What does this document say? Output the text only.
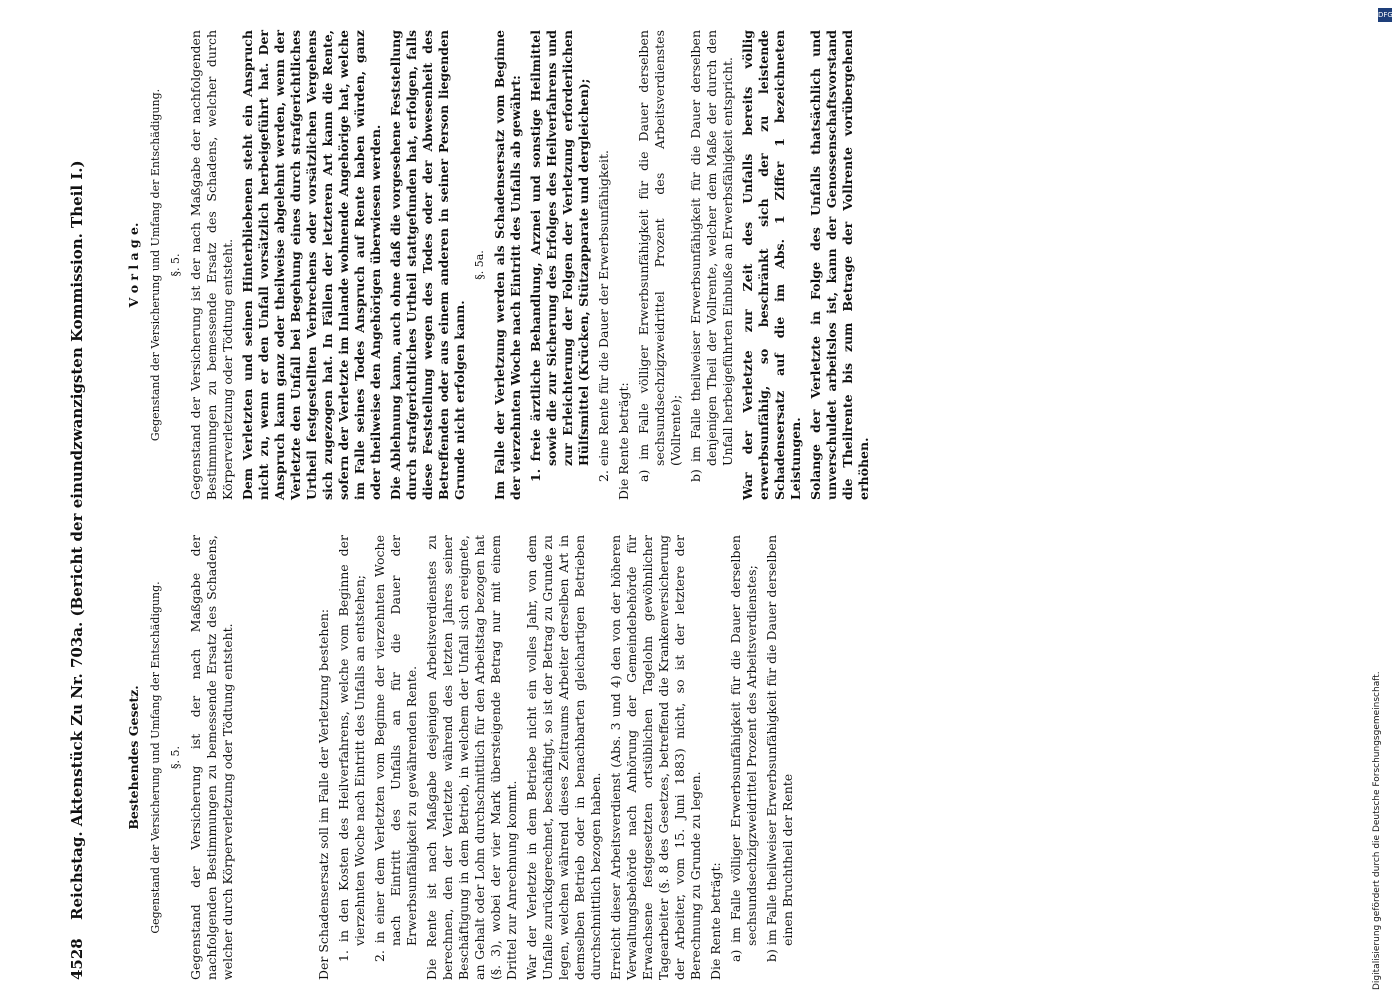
4528
Reichstag. Aktenstück Zu Nr. 703a. (Bericht der einundzwanzigsten Kommission. Theil I.)	Bestehendes Gesetz. Gegenstand der Versicherung und Umfang der Entschädigung. §. 5. Gegenstand der Versicherung ist der nach Maßgabe der nachfolgenden Bestimmungen zu bemessende Ersatz des Schadens, welcher durch Körperverletzung oder Tödtung entsteht.	Der Schadensersatz soll im Falle der Verletzung bestehen: 1. in den Kosten des Heilverfahrens, welche vom Beginne der vierzehnten Woche nach Eintritt des Unfalls an entstehen; 2. in einer dem Verletzten vom Beginne der vierzehnten Woche nach Eintritt des Unfalls an für die Dauer der Erwerbsunfähigkeit zu gewährenden Rente. Die Rente ist nach Maßgabe desjenigen Arbeitsverdienstes zu berechnen, den der Verletzte während des letzten Jahres seiner Beschäftigung in dem Betrieb, in welchem der Unfall sich ereignete, an Gehalt oder Lohn durchschnittlich für den Arbeitstag bezogen hat (§. 3), wobei der vier Mark übersteigende Betrag nur mit einem Drittel zur Anrechnung kommt. War der Verletzte in dem Betriebe nicht ein volles Jahr, von dem Unfalle zurückgerechnet, beschäftigt, so ist der Betrag zu Grunde zu legen, welchen während dieses Zeitraums Arbeiter derselben Art in demselben Betrieb oder in benachbarten gleichartigen Betrieben durchschnittlich bezogen haben. Erreicht dieser Arbeitsverdienst (Abs. 3 und 4) den von der höheren Verwaltungsbehörde nach Anhörung der Gemeindebehörde für Erwachsene festgesetzten ortsüblichen Tagelohn gewöhnlicher Tagearbeiter (§. 8 des Gesetzes, betreffend die Krankenversicherung der Arbeiter, vom 15. Juni 1883) nicht, so ist der letztere der Berechnung zu Grunde zu legen. Die Rente beträgt: a) im Falle völliger Erwerbsunfähigkeit für die Dauer derselben sechsundsechzigzweidrittel Prozent des Arbeitsverdienstes; b) im Falle theilweiser Erwerbsunfähigkeit für die Dauer derselben einen Bruchtheil der Rente

V o r l a g e. Gegenstand der Versicherung und Umfang der Entschädigung. §. 5. Gegenstand der Versicherung ist der nach Maßgabe der nachfolgenden Bestimmungen zu bemessende Ersatz des Schadens, welcher durch Körperverletzung oder Tödtung entsteht. Dem Verletzten und seinen Hinterbliebenen steht ein Anspruch nicht zu, wenn er den Unfall vorsätzlich herbeigeführt hat. Der Anspruch kann ganz oder theilweise abgelehnt werden, wenn der Verletzte den Unfall bei Begehung eines durch strafgerichtliches Urtheil festgestellten Verbrechens oder vorsätzlichen Vergehens sich zugezogen hat. In Fällen der letzteren Art kann die Rente, sofern der Verletzte im Inlande wohnende Angehörige hat, welche im Falle seines Todes Anspruch auf Rente haben würden, ganz oder theilweise den Angehörigen überwiesen werden. Die Ablehnung kann, auch ohne daß die vorgesehene Feststellung durch strafgerichtliches Urtheil stattgefunden hat, erfolgen, falls diese Feststellung wegen des Todes oder der Abwesenheit des Betreffenden oder aus einem anderen in seiner Person liegenden Grunde nicht erfolgen kann.

§. 5a. Im Falle der Verletzung werden als Schadensersatz vom Beginne der vierzehnten Woche nach Eintritt des Unfalls ab gewährt: 1. freie ärztliche Behandlung, Arznei und sonstige Heilmittel sowie die zur Sicherung des Erfolges des Heilverfahrens und zur Erleichterung der Folgen der Verletzung erforderlichen Hülfsmittel (Krücken, Stützapparate und dergleichen); 2. eine Rente für die Dauer der Erwerbsunfähigkeit. Die Rente beträgt: a) im Falle völliger Erwerbsunfähigkeit für die Dauer derselben sechsundsechzigzweidrittel Prozent des Arbeitsverdienstes (Vollrente); b) im Falle theilweiser Erwerbsunfähigkeit für die Dauer derselben denjenigen Theil der Vollrente, welcher dem Maße der durch den Unfall herbeigeführten Einbuße an Erwerbsfähigkeit entspricht. War der Verletzte zur Zeit des Unfalls bereits völlig erwerbsunfähig, so beschränkt sich der zu leistende Schadensersatz auf die im Abs. 1 Ziffer 1 bezeichneten Leistungen. Solange der Verletzte in Folge des Unfalls thatsächlich und unverschuldet arbeitslos ist, kann der Genossenschaftsvorstand die Theilrente bis zum Betrage der Vollrente vorübergehend erhöhen.

DFG
Digitalisierung gefördert durch die Deutsche Forschungsgemeinschaft.
